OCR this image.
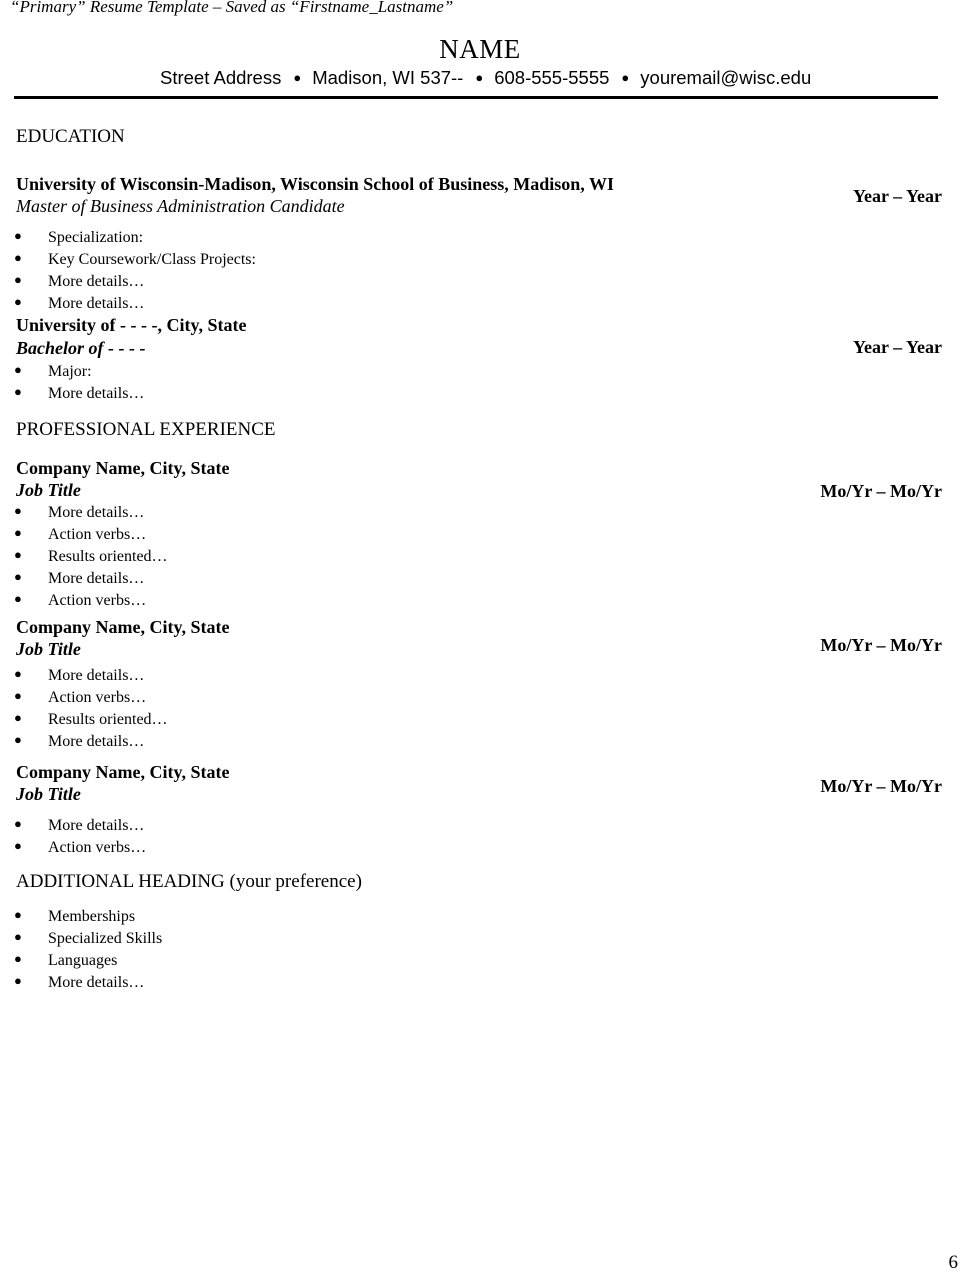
“Primary” Resume Template – Saved as “Firstname_Lastname”
NAME
Street Address ● Madison, WI 537-- ● 608-555-5555 ● youremail@wisc.edu
EDUCATION
University of Wisconsin-Madison, Wisconsin School of Business, Madison, WI
Master of Business Administration Candidate	Year – Year
● Specialization:
● Key Coursework/Class Projects:
● More details…
● More details…
University of - - - -, City, State
Bachelor of - - - -	Year – Year
● Major:
● More details…
PROFESSIONAL EXPERIENCE
Company Name, City, State
Job Title	Mo/Yr – Mo/Yr
● More details…
● Action verbs…
● Results oriented…
● More details…
● Action verbs…
Company Name, City, State
Job Title	Mo/Yr – Mo/Yr
● More details…
● Action verbs…
● Results oriented…
● More details…
Company Name, City, State
Job Title	Mo/Yr – Mo/Yr
● More details…
● Action verbs…
ADDITIONAL HEADING (your preference)
● Memberships
● Specialized Skills
● Languages
● More details…
6
